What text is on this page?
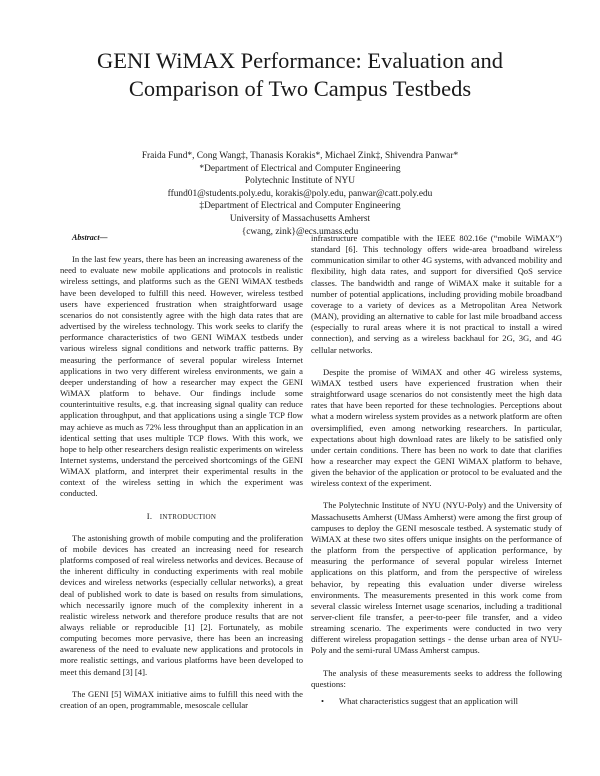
GENI WiMAX Performance: Evaluation and Comparison of Two Campus Testbeds
Fraida Fund*, Cong Wang‡, Thanasis Korakis*, Michael Zink‡, Shivendra Panwar*
*Department of Electrical and Computer Engineering
Polytechnic Institute of NYU
ffund01@students.poly.edu, korakis@poly.edu, panwar@catt.poly.edu
‡Department of Electrical and Computer Engineering
University of Massachusetts Amherst
{cwang, zink}@ecs.umass.edu

Abstract—

In the last few years, there has been an increasing awareness of the need to evaluate new mobile applications and protocols in realistic wireless settings, and platforms such as the GENI WiMAX testbeds have been developed to fulfill this need. However, wireless testbed users have experienced frustration when straightforward usage scenarios do not consistently agree with the high data rates that are advertised by the wireless technology. This work seeks to clarify the performance characteristics of two GENI WiMAX testbeds under various wireless signal conditions and network traffic patterns. By measuring the performance of several popular wireless Internet applications in two very different wireless environments, we gain a deeper understanding of how a researcher may expect the GENI WiMAX platform to behave. Our findings include some counterintuitive results, e.g. that increasing signal quality can reduce application throughput, and that applications using a single TCP flow may achieve as much as 72% less throughput than an application in an identical setting that uses multiple TCP flows. With this work, we hope to help other researchers design realistic experiments on wireless Internet systems, understand the perceived shortcomings of the GENI WiMAX platform, and interpret their experimental results in the context of the wireless setting in which the experiment was conducted.

I. INTRODUCTION

The astonishing growth of mobile computing and the proliferation of mobile devices has created an increasing need for research platforms composed of real wireless networks and devices. Because of the inherent difficulty in conducting experiments with real mobile devices and wireless networks (especially cellular networks), a great deal of published work to date is based on results from simulations, which necessarily ignore much of the complexity inherent in a realistic wireless network and therefore produce results that are not always reliable or reproducible [1] [2]. Fortunately, as mobile computing becomes more pervasive, there has been an increasing awareness of the need to evaluate new applications and protocols in more realistic settings, and various platforms have been developed to meet this demand [3] [4].

The GENI [5] WiMAX initiative aims to fulfill this need with the creation of an open, programmable, mesoscale cellular

infrastructure compatible with the IEEE 802.16e (“mobile WiMAX”) standard [6]. This technology offers wide-area broadband wireless communication similar to other 4G systems, with advanced mobility and flexibility, high data rates, and support for diversified QoS service classes. The bandwidth and range of WiMAX make it suitable for a number of potential applications, including providing mobile broadband coverage to a variety of devices as a Metropolitan Area Network (MAN), providing an alternative to cable for last mile broadband access (especially to rural areas where it is not practical to install a wired connection), and serving as a wireless backhaul for 2G, 3G, and 4G cellular networks.

Despite the promise of WiMAX and other 4G wireless systems, WiMAX testbed users have experienced frustration when their straightforward usage scenarios do not consistently meet the high data rates that have been reported for these technologies. Perceptions about what a modern wireless system provides as a network platform are often oversimplified, even among networking researchers. In particular, expectations about high download rates are likely to be satisfied only under certain conditions. There has been no work to date that clarifies how a researcher may expect the GENI WiMAX platform to behave, given the behavior of the application or protocol to be evaluated and the wireless context of the experiment.

The Polytechnic Institute of NYU (NYU-Poly) and the University of Massachusetts Amherst (UMass Amherst) were among the first group of campuses to deploy the GENI mesoscale testbed. A systematic study of WiMAX at these two sites offers unique insights on the performance of the platform from the perspective of application performance, by measuring the performance of several popular wireless Internet applications on this platform, and from the perspective of wireless behavior, by repeating this evaluation under diverse wireless environments. The measurements presented in this work come from several classic wireless Internet usage scenarios, including a traditional server-client file transfer, a peer-to-peer file transfer, and a video streaming scenario. The experiments were conducted in two very different wireless propagation settings - the dense urban area of NYU-Poly and the semi-rural UMass Amherst campus.

The analysis of these measurements seeks to address the following questions:

• What characteristics suggest that an application will
